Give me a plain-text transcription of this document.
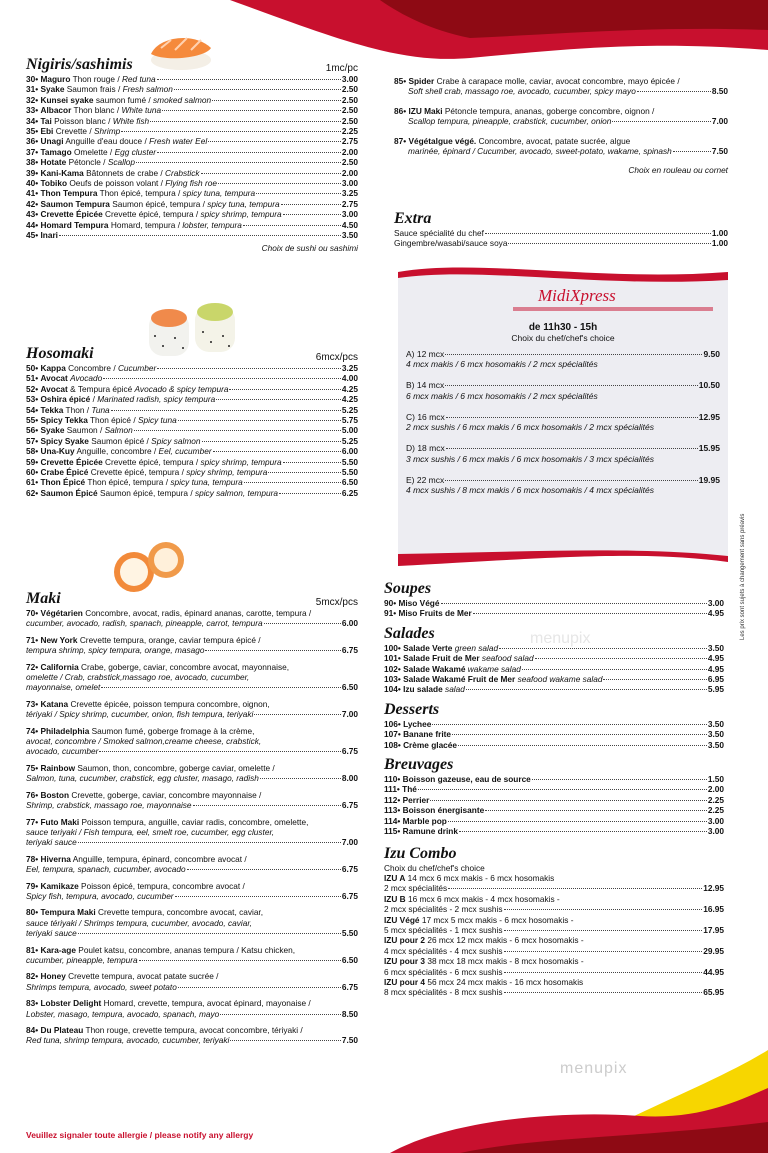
Nigiris/sashimis	1mc/pc
30• Maguro Thon rouge / Red tuna	3.00
31• Syake Saumon frais / Fresh salmon	2.50
32• Kunsei syake saumon fumé / smoked salmon	2.50
33• Albacor Thon blanc / White tuna	2.50
34• Tai Poisson blanc / White fish	2.50
35• Ebi Crevette / Shrimp	2.25
36• Unagi Anguille d'eau douce / Fresh water Eel	2.75
37• Tamago Omelette / Egg cluster	2.00
38• Hotate Pétoncle / Scallop	2.50
39• Kani-Kama Bâtonnets de crabe / Crabstick	2.00
40• Tobiko Oeufs de poisson volant / Flying fish roe	3.00
41• Thon Tempura Thon épicé, tempura / spicy tuna, tempura	3.25
42• Saumon Tempura Saumon épicé, tempura / spicy tuna, tempura	2.75
43• Crevette Épicée Crevette épicé, tempura / spicy shrimp, tempura	3.00
44• Homard Tempura Homard, tempura / lobster, tempura	4.50
45• Inari	3.50
Choix de sushi ou sashimi
Hosomaki	6mcx/pcs
50• Kappa Concombre / Cucumber	3.25
51• Avocat Avocado	4.00
52• Avocat & Tempura épicé Avocado & spicy tempura	4.25
53• Oshira épicé / Marinated radish, spicy tempura	4.25
54• Tekka Thon / Tuna	5.25
55• Spicy Tekka Thon épicé / Spicy tuna	5.75
56• Syake Saumon / Salmon	5.00
57• Spicy Syake Saumon épicé / Spicy salmon	5.25
58• Una-Kuy Anguille, concombre / Eel, cucumber	6.00
59• Crevette Épicée Crevette épicé, tempura / spicy shrimp, tempura	5.50
60• Crabe Épicé Crevette épicé, tempura / spicy shrimp, tempura	5.50
61• Thon Épicé Thon épicé, tempura / spicy tuna, tempura	6.50
62• Saumon Épicé Saumon épicé, tempura / spicy salmon, tempura	6.25
Maki	5mcx/pcs
70• Végétarien Concombre, avocat, radis, épinard ananas, carotte, tempura /
cucumber, avocado, radish, spanach, pineapple, carrot, tempura	6.00
71• New York Crevette tempura, orange, caviar tempura épicé /
tempura shrimp, spicy tempura, orange, masago	6.75
72• California Crabe, goberge, caviar, concombre avocat, mayonnaise,
omelette / Crab, crabstick,massago roe, avocado, cucumber,
mayonnaise, omelet	6.50
73• Katana Crevette épicée, poisson tempura concombre, oignon,
tériyaki / Spicy shrimp, cucumber, onion, fish tempura, teriyaki	7.00
74• Philadelphia Saumon fumé, goberge fromage à la crème,
avocat, concombre / Smoked salmon,creame cheese, crabstick,
avocado, cucumber	6.75
75• Rainbow Saumon, thon, concombre, goberge caviar, omelette /
Salmon, tuna, cucumber, crabstick, egg cluster, masago, radish	8.00
76• Boston Crevette, goberge, caviar, concombre mayonnaise /
Shrimp, crabstick, massago roe, mayonnaise	6.75
77• Futo Maki Poisson tempura, anguille, caviar radis, concombre, omelette,
sauce teriyaki / Fish tempura, eel, smelt roe, cucumber, egg cluster,
teriyaki sauce	7.00
78• Hiverna Anguille, tempura, épinard, concombre avocat /
Eel, tempura, spanach, cucumber, avocado	6.75
79• Kamikaze Poisson épicé, tempura, concombre avocat /
Spicy fish, tempura, avocado, cucumber	6.75
80• Tempura Maki Crevette tempura, concombre avocat, caviar,
sauce tériyaki / Shrimps tempura, cucumber, avocado, caviar,
teriyaki sauce	5.50
81• Kara-age Poulet katsu, concombre, ananas tempura / Katsu chicken,
cucumber, pineapple, tempura	6.50
82• Honey Crevette tempura, avocat patate sucrée /
Shrimps tempura, avocado, sweet potato	6.75
83• Lobster Delight Homard, crevette, tempura, avocat épinard, mayonaise /
Lobster, masago, tempura, avocado, spanach, mayo	8.50
84• Du Plateau Thon rouge, crevette tempura, avocat concombre, tériyaki /
Red tuna, shrimp tempura, avocado, cucumber, teriyaki	7.50
Veuillez signaler toute allergie / please notify any allergy
85• Spider Crabe à carapace molle, caviar, avocat concombre, mayo épicée /
Soft shell crab, massago roe, avocado, cucumber, spicy mayo	8.50
86• IZU Maki Pétoncle tempura, ananas, goberge concombre, oignon /
Scallop tempura, pineapple, crabstick, cucumber, onion	7.00
87• Végétalgue végé. Concombre, avocat, patate sucrée, algue
marinée, épinard / Cucumber, avocado, sweet-potato, wakame, spinash	7.50
Choix en rouleau ou cornet
Extra
Sauce spécialité du chef	1.00
Gingembre/wasabi/sauce soya	1.00
MidiXpress
de 11h30 - 15h
Choix du chef/chef's choice
A) 12 mcx	9.50
4 mcx makis / 6 mcx hosomakis / 2 mcx spécialités
B) 14 mcx	10.50
6 mcx makis / 6 mcx hosomakis / 2 mcx spécialités
C) 16 mcx	12.95
2 mcx sushis / 6 mcx makis / 6 mcx hosomakis / 2 mcx spécialités
D) 18 mcx	15.95
3 mcx sushis / 6 mcx makis / 6 mcx hosomakis / 3 mcx spécialités
E) 22 mcx	19.95
4 mcx sushis / 8 mcx makis / 6 mcx hosomakis / 4 mcx spécialités
Soupes
90• Miso Végé	3.00
91• Miso Fruits de Mer	4.95
Salades
100• Salade Verte green salad	3.50
101• Salade Fruit de Mer seafood salad	4.95
102• Salade Wakamé wakame salad	4.95
103• Salade Wakamé Fruit de Mer seafood wakame salad	6.95
104• Izu salade salad	5.95
Desserts
106• Lychee	3.50
107• Banane frite	3.50
108• Crème glacée	3.50
Breuvages
110• Boisson gazeuse, eau de source	1.50
111• Thé	2.00
112• Perrier	2.25
113• Boisson énergisante	2.25
114• Marble pop	3.00
115• Ramune drink	3.00
Izu Combo
Choix du chef/chef's choice
IZU A 14 mcx 6 mcx makis - 6 mcx hosomakis
2 mcx spécialités	12.95
IZU B 16 mcx 6 mcx makis - 4 mcx hosomakis -
2 mcx spécialités - 2 mcx sushis	16.95
IZU Végé 17 mcx 5 mcx makis - 6 mcx hosomakis -
5 mcx spécialités - 1 mcx sushis	17.95
IZU pour 2 26 mcx 12 mcx makis - 6 mcx hosomakis -
4 mcx spécialités - 4 mcx sushis	29.95
IZU pour 3 38 mcx 18 mcx makis - 8 mcx hosomakis -
6 mcx spécialités - 6 mcx sushis	44.95
IZU pour 4 56 mcx 24 mcx makis - 16 mcx hosomakis
8 mcx spécialités - 8 mcx sushis	65.95
Les prix sont sujets à changement sans préavis
menupix
menupix
